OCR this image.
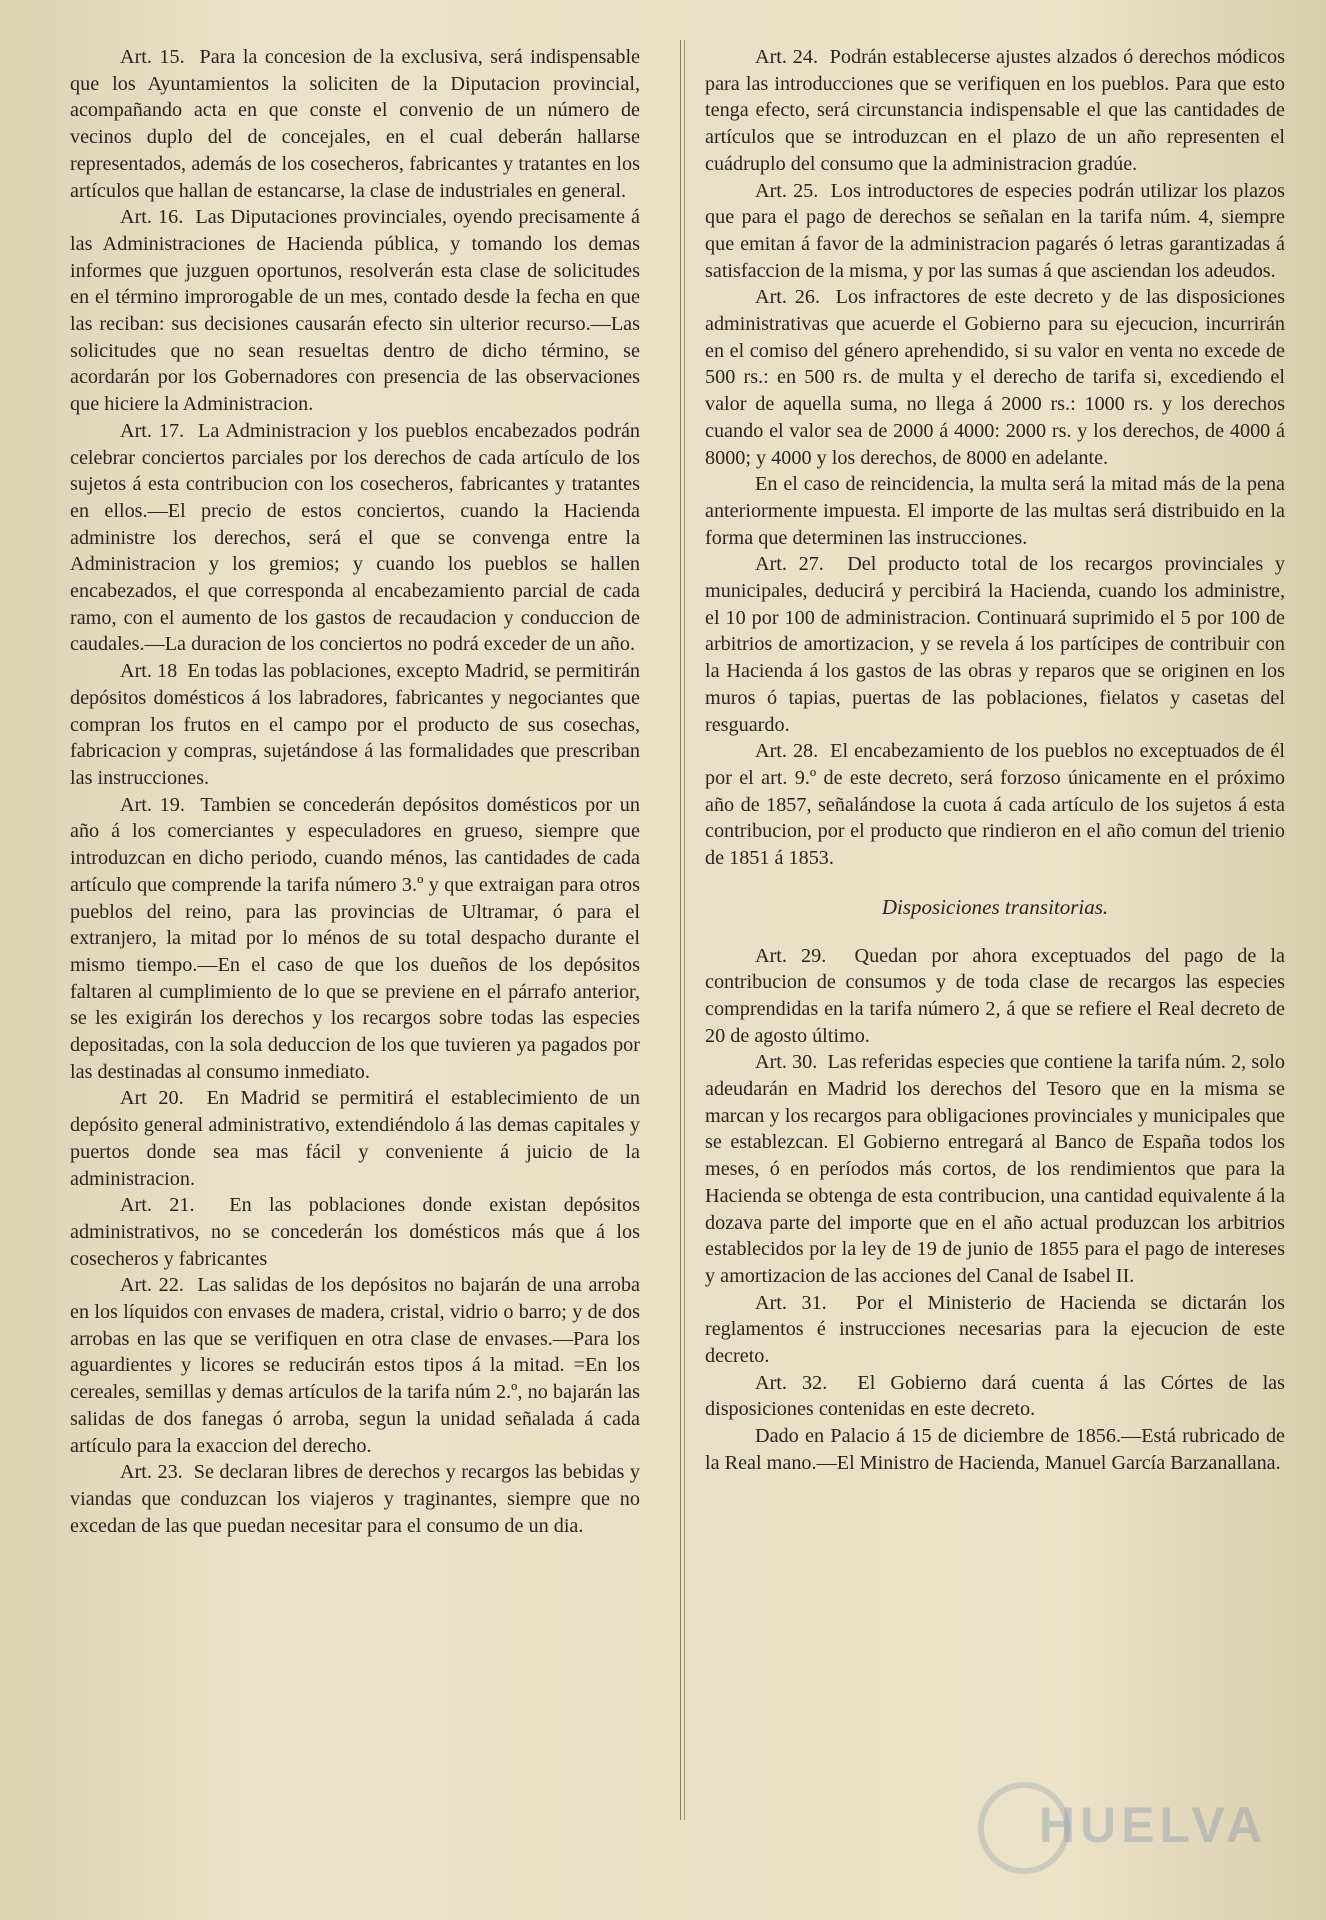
Art. 15. Para la concesion de la exclusiva, será indispensable que los Ayuntamientos la soliciten de la Diputacion provincial, acompañando acta en que conste el convenio de un número de vecinos duplo del de concejales, en el cual deberán hallarse representados, además de los cosecheros, fabricantes y tratantes en los artículos que hallan de estancarse, la clase de industriales en general.

Art. 16. Las Diputaciones provinciales, oyendo precisamente á las Administraciones de Hacienda pública, y tomando los demas informes que juzguen oportunos, resolverán esta clase de solicitudes en el término improrogable de un mes, contado desde la fecha en que las reciban: sus decisiones causarán efecto sin ulterior recurso.—Las solicitudes que no sean resueltas dentro de dicho término, se acordarán por los Gobernadores con presencia de las observaciones que hiciere la Administracion.

Art. 17. La Administracion y los pueblos encabezados podrán celebrar conciertos parciales por los derechos de cada artículo de los sujetos á esta contribucion con los cosecheros, fabricantes y tratantes en ellos.—El precio de estos conciertos, cuando la Hacienda administre los derechos, será el que se convenga entre la Administracion y los gremios; y cuando los pueblos se hallen encabezados, el que corresponda al encabezamiento parcial de cada ramo, con el aumento de los gastos de recaudacion y conduccion de caudales.—La duracion de los conciertos no podrá exceder de un año.

Art. 18 En todas las poblaciones, excepto Madrid, se permitirán depósitos domésticos á los labradores, fabricantes y negociantes que compran los frutos en el campo por el producto de sus cosechas, fabricacion y compras, sujetándose á las formalidades que prescriban las instrucciones.

Art. 19. Tambien se concederán depósitos domésticos por un año á los comerciantes y especuladores en grueso, siempre que introduzcan en dicho periodo, cuando ménos, las cantidades de cada artículo que comprende la tarifa número 3.º y que extraigan para otros pueblos del reino, para las provincias de Ultramar, ó para el extranjero, la mitad por lo ménos de su total despacho durante el mismo tiempo.—En el caso de que los dueños de los depósitos faltaren al cumplimiento de lo que se previene en el párrafo anterior, se les exigirán los derechos y los recargos sobre todas las especies depositadas, con la sola deduccion de los que tuvieren ya pagados por las destinadas al consumo inmediato.

Art 20. En Madrid se permitirá el establecimiento de un depósito general administrativo, extendiéndolo á las demas capitales y puertos donde sea mas fácil y conveniente á juicio de la administracion.

Art. 21. En las poblaciones donde existan depósitos administrativos, no se concederán los domésticos más que á los cosecheros y fabricantes

Art. 22. Las salidas de los depósitos no bajarán de una arroba en los líquidos con envases de madera, cristal, vidrio o barro; y de dos arrobas en las que se verifiquen en otra clase de envases.—Para los aguardientes y licores se reducirán estos tipos á la mitad. =En los cereales, semillas y demas artículos de la tarifa núm 2.º, no bajarán las salidas de dos fanegas ó arroba, segun la unidad señalada á cada artículo para la exaccion del derecho.

Art. 23. Se declaran libres de derechos y recargos las bebidas y viandas que conduzcan los viajeros y traginantes, siempre que no excedan de las que puedan necesitar para el consumo de un dia.

Art. 24. Podrán establecerse ajustes alzados ó derechos módicos para las introducciones que se verifiquen en los pueblos. Para que esto tenga efecto, será circunstancia indispensable el que las cantidades de artículos que se introduzcan en el plazo de un año representen el cuádruplo del consumo que la administracion gradúe.

Art. 25. Los introductores de especies podrán utilizar los plazos que para el pago de derechos se señalan en la tarifa núm. 4, siempre que emitan á favor de la administracion pagarés ó letras garantizadas á satisfaccion de la misma, y por las sumas á que asciendan los adeudos.

Art. 26. Los infractores de este decreto y de las disposiciones administrativas que acuerde el Gobierno para su ejecucion, incurrirán en el comiso del género aprehendido, si su valor en venta no excede de 500 rs.: en 500 rs. de multa y el derecho de tarifa si, excediendo el valor de aquella suma, no llega á 2000 rs.: 1000 rs. y los derechos cuando el valor sea de 2000 á 4000: 2000 rs. y los derechos, de 4000 á 8000; y 4000 y los derechos, de 8000 en adelante.

En el caso de reincidencia, la multa será la mitad más de la pena anteriormente impuesta. El importe de las multas será distribuido en la forma que determinen las instrucciones.

Art. 27. Del producto total de los recargos provinciales y municipales, deducirá y percibirá la Hacienda, cuando los administre, el 10 por 100 de administracion. Continuará suprimido el 5 por 100 de arbitrios de amortizacion, y se revela á los partícipes de contribuir con la Hacienda á los gastos de las obras y reparos que se originen en los muros ó tapias, puertas de las poblaciones, fielatos y casetas del resguardo.

Art. 28. El encabezamiento de los pueblos no exceptuados de él por el art. 9.º de este decreto, será forzoso únicamente en el próximo año de 1857, señalándose la cuota á cada artículo de los sujetos á esta contribucion, por el producto que rindieron en el año comun del trienio de 1851 á 1853.

Disposiciones transitorias.

Art. 29. Quedan por ahora exceptuados del pago de la contribucion de consumos y de toda clase de recargos las especies comprendidas en la tarifa número 2, á que se refiere el Real decreto de 20 de agosto último.

Art. 30. Las referidas especies que contiene la tarifa núm. 2, solo adeudarán en Madrid los derechos del Tesoro que en la misma se marcan y los recargos para obligaciones provinciales y municipales que se establezcan. El Gobierno entregará al Banco de España todos los meses, ó en períodos más cortos, de los rendimientos que para la Hacienda se obtenga de esta contribucion, una cantidad equivalente á la dozava parte del importe que en el año actual produzcan los arbitrios establecidos por la ley de 19 de junio de 1855 para el pago de intereses y amortizacion de las acciones del Canal de Isabel II.

Art. 31. Por el Ministerio de Hacienda se dictarán los reglamentos é instrucciones necesarias para la ejecucion de este decreto.

Art. 32. El Gobierno dará cuenta á las Córtes de las disposiciones contenidas en este decreto.

Dado en Palacio á 15 de diciembre de 1856.—Está rubricado de la Real mano.—El Ministro de Hacienda, Manuel García Barzanallana.

HUELVA
